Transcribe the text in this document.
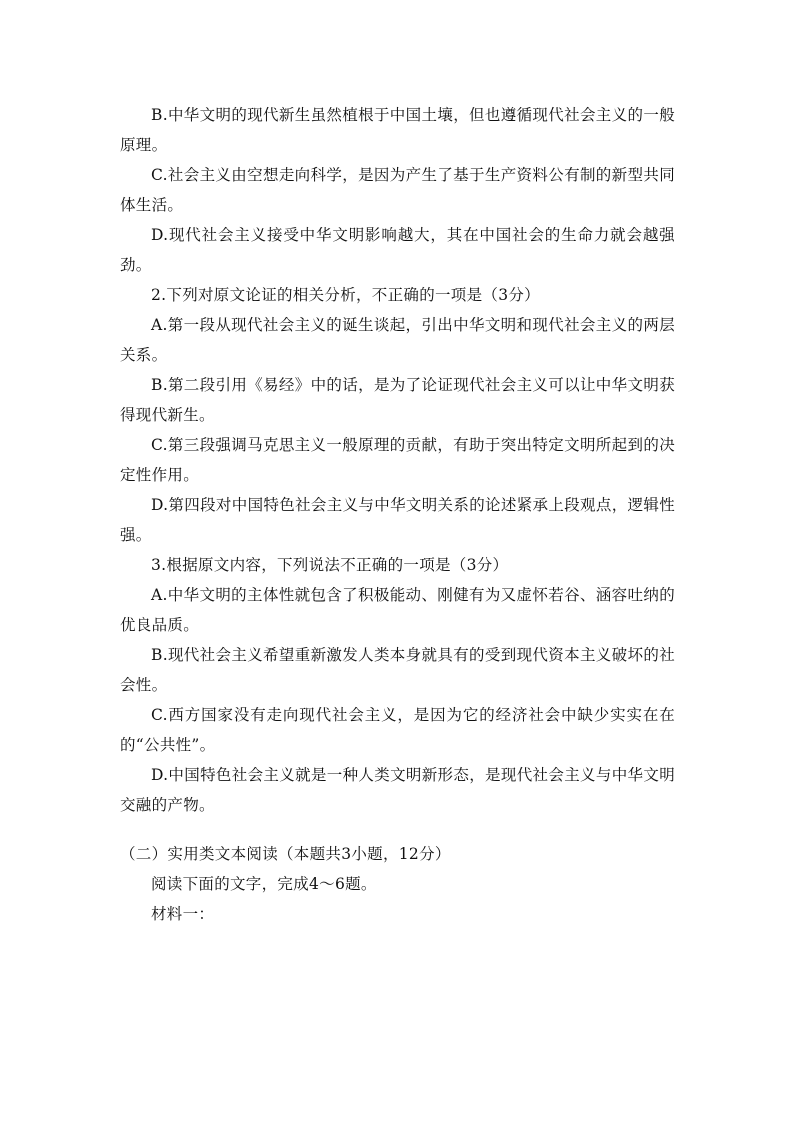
B.中华文明的现代新生虽然植根于中国土壤，但也遵循现代社会主义的一般原理。

C.社会主义由空想走向科学，是因为产生了基于生产资料公有制的新型共同体生活。

D.现代社会主义接受中华文明影响越大，其在中国社会的生命力就会越强劲。

2.下列对原文论证的相关分析，不正确的一项是（3分）

A.第一段从现代社会主义的诞生谈起，引出中华文明和现代社会主义的两层关系。

B.第二段引用《易经》中的话，是为了论证现代社会主义可以让中华文明获得现代新生。

C.第三段强调马克思主义一般原理的贡献，有助于突出特定文明所起到的决定性作用。

D.第四段对中国特色社会主义与中华文明关系的论述紧承上段观点，逻辑性强。

3.根据原文内容，下列说法不正确的一项是（3分）

A.中华文明的主体性就包含了积极能动、刚健有为又虚怀若谷、涵容吐纳的优良品质。

B.现代社会主义希望重新激发人类本身就具有的受到现代资本主义破坏的社会性。

C.西方国家没有走向现代社会主义，是因为它的经济社会中缺少实实在在的“公共性”。

D.中国特色社会主义就是一种人类文明新形态，是现代社会主义与中华文明交融的产物。

（二）实用类文本阅读（本题共3小题，12分）

阅读下面的文字，完成4～6题。

材料一：
